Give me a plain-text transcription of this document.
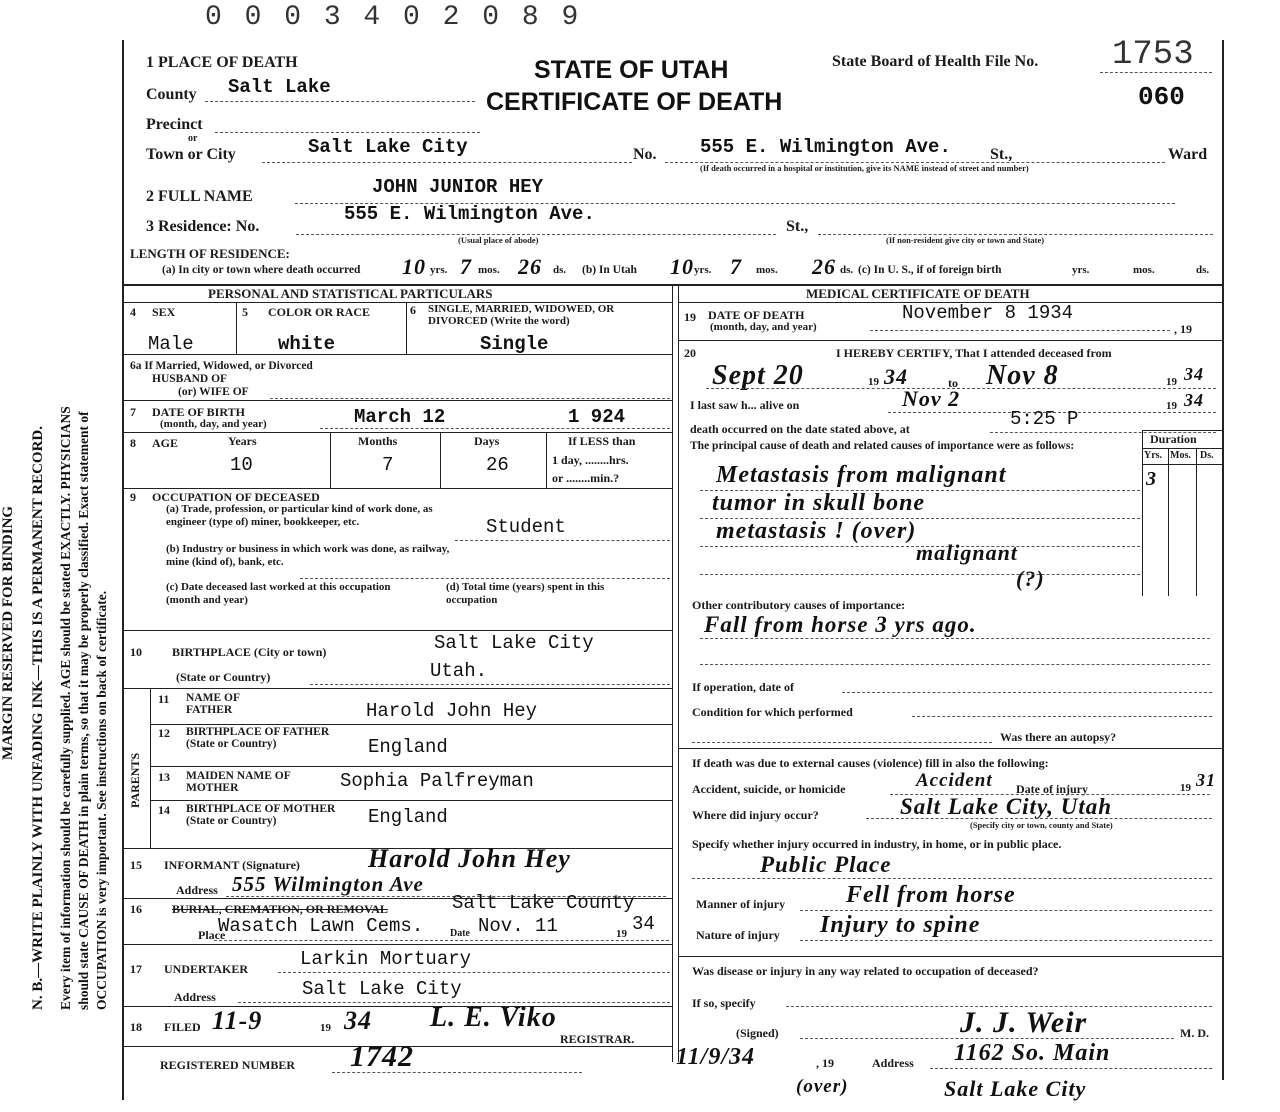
0 0 0 3 4 0 2 0 8 9
MARGIN RESERVED FOR BINDING N. B.—WRITE PLAINLY WITH UNFADING INK—THIS IS A PERMANENT RECORD. Every item of information should be carefully supplied. AGE should be stated EXACTLY. PHYSICIANS should state CAUSE OF DEATH in plain terms, so that it may be properly classified. Exact statement of OCCUPATION is very important. See instructions on back of certificate.
1 PLACE OF DEATH	STATE OF UTAH
CERTIFICATE OF DEATH
State Board of Health File No. 1753
060
County Salt Lake
Precinct
or
Town or City	Salt Lake City	No. 555 E. Wilmington Ave. St.,	Ward
(If death occurred in a hospital or institution, give its NAME instead of street and number)
2 FULL NAME	JOHN JUNIOR HEY
3 Residence: No.
555 E. Wilmington Ave.
St.,
(Usual place of abode)	(If non-resident give city or town and State)
LENGTH OF RESIDENCE:
(a) In city or town where death occurred 10 yrs. 7 mos. 26 ds. (b) In Utah 10 yrs. 7 mos. 26 ds. (c) In U. S., if of foreign birth	yrs.	mos.	ds.
PERSONAL AND STATISTICAL PARTICULARS
4 SEX	5 COLOR OR RACE	6 SINGLE, MARRIED, WIDOWED, OR DIVORCED (Write the word)
Male	white	Single
6a If Married, Widowed, or Divorced
HUSBAND OF
(or) WIFE OF
7 DATE OF BIRTH
(month, day, and year)	March 12	1 924
8 AGE	Years	Months	Days	If LESS than
10	7	26	1 day, ........hrs.
or ........min.?
9 OCCUPATION OF DECEASED
(a) Trade, profession, or particular kind of work done, as engineer (type of) miner, bookkeeper, etc.	Student
(b) Industry or business in which work was done, as railway, mine (kind of), bank, etc.
(c) Date deceased last worked at this occupation (month and year)
(d) Total time (years) spent in this occupation
10	BIRTHPLACE (City or town)	Salt Lake City
(State or Country)	Utah.
PARENTS
11 NAME OF FATHER	Harold John Hey
12 BIRTHPLACE OF FATHER (State or Country)	England
13 MAIDEN NAME OF MOTHER	Sophia Palfreyman
14 BIRTHPLACE OF MOTHER (State or Country)	England
15 INFORMANT (Signature)	Harold John Hey
Address 555 Wilmington Ave
16	BURIAL, CREMATION, OR REMOVAL	Salt Lake County
Place
Wasatch Lawn Cems.	Date Nov. 11	19 34
17 UNDERTAKER	Larkin Mortuary
Address	Salt Lake City
18 FILED 11-9	19 34 L. E. Viko
REGISTRAR.
REGISTERED NUMBER 1742
MEDICAL CERTIFICATE OF DEATH
19 DATE OF DEATH
(month, day, and year)
November 8 1934
, 19
20	I HEREBY CERTIFY, That I attended deceased from
Sept 20	19 34	to Nov 8	19 34
I last saw h... alive on	Nov 2	19 34
death occurred on the date stated above, at	5:25 P
The principal cause of death and related causes of importance were as follows:	Duration
Yrs. Mos. Ds.
Metastasis from malignant	3
tumor in skull bone
metastasis ! (over)
malignant
(?)
Other contributory causes of importance:
Fall from horse 3 yrs ago.
If operation, date of
Condition for which performed
Was there an autopsy?
If death was due to external causes (violence) fill in also the following:
Accident, suicide, or homicide	Accident Date of injury	19 31
Where did injury occur?	Salt Lake City, Utah
(Specify city or town, county and State)
Specify whether injury occurred in industry, in home, or in public place.
Public Place
Manner of injury	Fell from horse
Nature of injury Injury to spine
Was disease or injury in any way related to occupation of deceased?
If so, specify
(Signed)	J. J. Weir	M. D.
11/9/34	, 19	Address 1162 So. Main
(over)	Salt Lake City
